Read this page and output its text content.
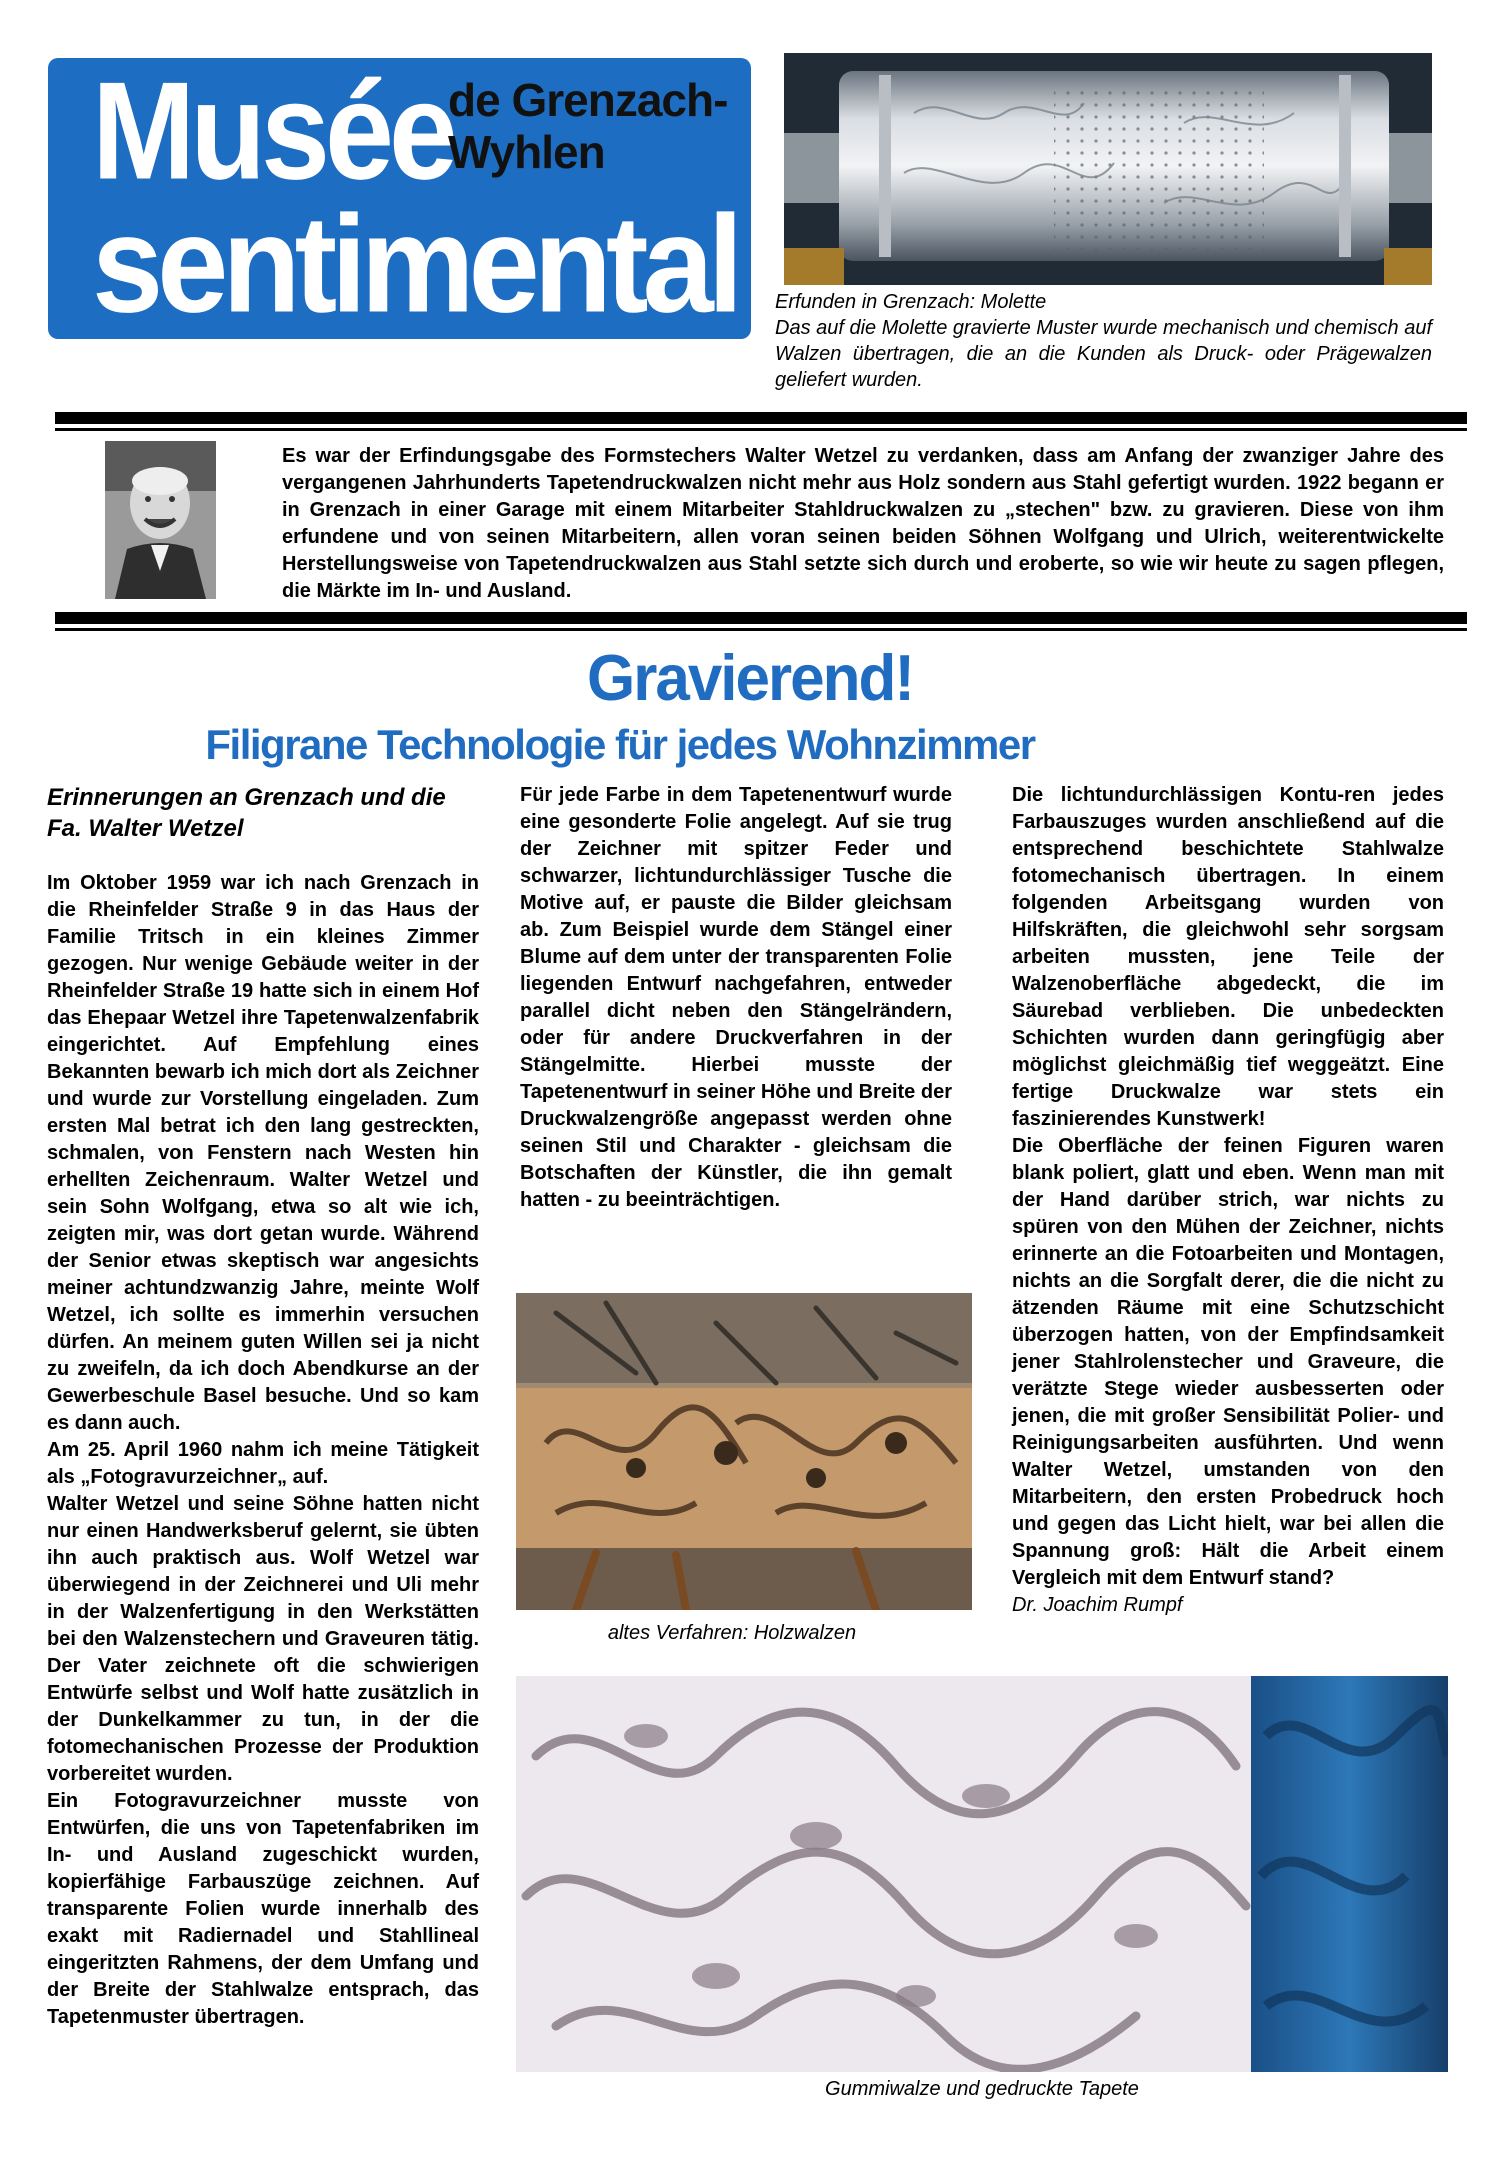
Musée
de Grenzach-
Wyhlen
sentimental Erfunden in Grenzach: Molette
Das auf die Molette gravierte Muster wurde mechanisch und chemisch auf Walzen übertragen, die an die Kunden als Druck- oder Prägewalzen geliefert wurden.
Es war der Erfindungsgabe des Formstechers Walter Wetzel zu verdanken, dass am Anfang der zwanziger Jahre des vergangenen Jahrhunderts Tapetendruckwalzen nicht mehr aus Holz sondern aus Stahl gefertigt wurden. 1922 begann er in Grenzach in einer Garage mit einem Mitarbeiter Stahldruckwalzen zu „stechen" bzw. zu gravieren. Diese von ihm erfundene und von seinen Mitarbeitern, allen voran seinen beiden Söhnen Wolfgang und Ulrich, weiterentwickelte Herstellungsweise von Tapetendruckwalzen aus Stahl setzte sich durch und eroberte, so wie wir heute zu sagen pflegen, die Märkte im In- und Ausland.
Gravierend!
Filigrane Technologie für jedes Wohnzimmer
Erinnerungen an Grenzach und die Fa. Walter Wetzel

Im Oktober 1959 war ich nach Grenzach in die Rheinfelder Straße 9 in das Haus der Familie Tritsch in ein kleines Zimmer gezogen. Nur wenige Gebäude weiter in der Rheinfelder Straße 19 hatte sich in einem Hof das Ehepaar Wetzel ihre Tapetenwalzenfabrik eingerichtet. Auf Empfehlung eines Bekannten bewarb ich mich dort als Zeichner und wurde zur Vorstellung eingeladen. Zum ersten Mal betrat ich den lang gestreckten, schmalen, von Fenstern nach Westen hin erhellten Zeichenraum. Walter Wetzel und sein Sohn Wolfgang, etwa so alt wie ich, zeigten mir, was dort getan wurde. Während der Senior etwas skeptisch war angesichts meiner achtundzwanzig Jahre, meinte Wolf Wetzel, ich sollte es immerhin versuchen dürfen. An meinem guten Willen sei ja nicht zu zweifeln, da ich doch Abendkurse an der Gewerbeschule Basel besuche. Und so kam es dann auch.

Am 25. April 1960 nahm ich meine Tätigkeit als „Fotogravurzeichner„ auf.

Walter Wetzel und seine Söhne hatten nicht nur einen Handwerksberuf gelernt, sie übten ihn auch praktisch aus. Wolf Wetzel war überwiegend in der Zeichnerei und Uli mehr in der Walzenfertigung in den Werkstätten bei den Walzenstechern und Graveuren tätig. Der Vater zeichnete oft die schwierigen Entwürfe selbst und Wolf hatte zusätzlich in der Dunkelkammer zu tun, in der die fotomechanischen Prozesse der Produktion vorbereitet wurden.

Ein Fotogravurzeichner musste von Entwürfen, die uns von Tapetenfabriken im In- und Ausland zugeschickt wurden, kopierfähige Farbauszüge zeichnen. Auf transparente Folien wurde innerhalb des exakt mit Radiernadel und Stahllineal eingeritzten Rahmens, der dem Umfang und der Breite der Stahlwalze entsprach, das Tapetenmuster übertragen.

Für jede Farbe in dem Tapetenentwurf wurde eine gesonderte Folie angelegt. Auf sie trug der Zeichner mit spitzer Feder und schwarzer, lichtundurchlässiger Tusche die Motive auf, er pauste die Bilder gleichsam ab. Zum Beispiel wurde dem Stängel einer Blume auf dem unter der transparenten Folie liegenden Entwurf nachgefahren, entweder parallel dicht neben den Stängelrändern, oder für andere Druckverfahren in der Stängelmitte. Hierbei musste der Tapetenentwurf in seiner Höhe und Breite der Druckwalzengröße angepasst werden ohne seinen Stil und Charakter - gleichsam die Botschaften der Künstler, die ihn gemalt hatten - zu beeinträchtigen.

altes Verfahren: Holzwalzen

Die lichtundurchlässigen Kontu-ren jedes Farbauszuges wurden anschließend auf die entsprechend beschichtete Stahlwalze fotomechanisch übertragen. In einem folgenden Arbeitsgang wurden von Hilfskräften, die gleichwohl sehr sorgsam arbeiten mussten, jene Teile der Walzenoberfläche abgedeckt, die im Säurebad verblieben. Die unbedeckten Schichten wurden dann geringfügig aber möglichst gleichmäßig tief weggeätzt. Eine fertige Druckwalze war stets ein faszinierendes Kunstwerk!

Die Oberfläche der feinen Figuren waren blank poliert, glatt und eben. Wenn man mit der Hand darüber strich, war nichts zu spüren von den Mühen der Zeichner, nichts erinnerte an die Fotoarbeiten und Montagen, nichts an die Sorgfalt derer, die die nicht zu ätzenden Räume mit eine Schutzschicht überzogen hatten, von der Empfindsamkeit jener Stahlrolenstecher und Graveure, die verätzte Stege wieder ausbesserten oder jenen, die mit großer Sensibilität Polier- und Reinigungsarbeiten ausführten. Und wenn Walter Wetzel, umstanden von den Mitarbeitern, den ersten Probedruck hoch und gegen das Licht hielt, war bei allen die Spannung groß: Hält die Arbeit einem Vergleich mit dem Entwurf stand?

Dr. Joachim Rumpf
Gummiwalze und gedruckte Tapete
